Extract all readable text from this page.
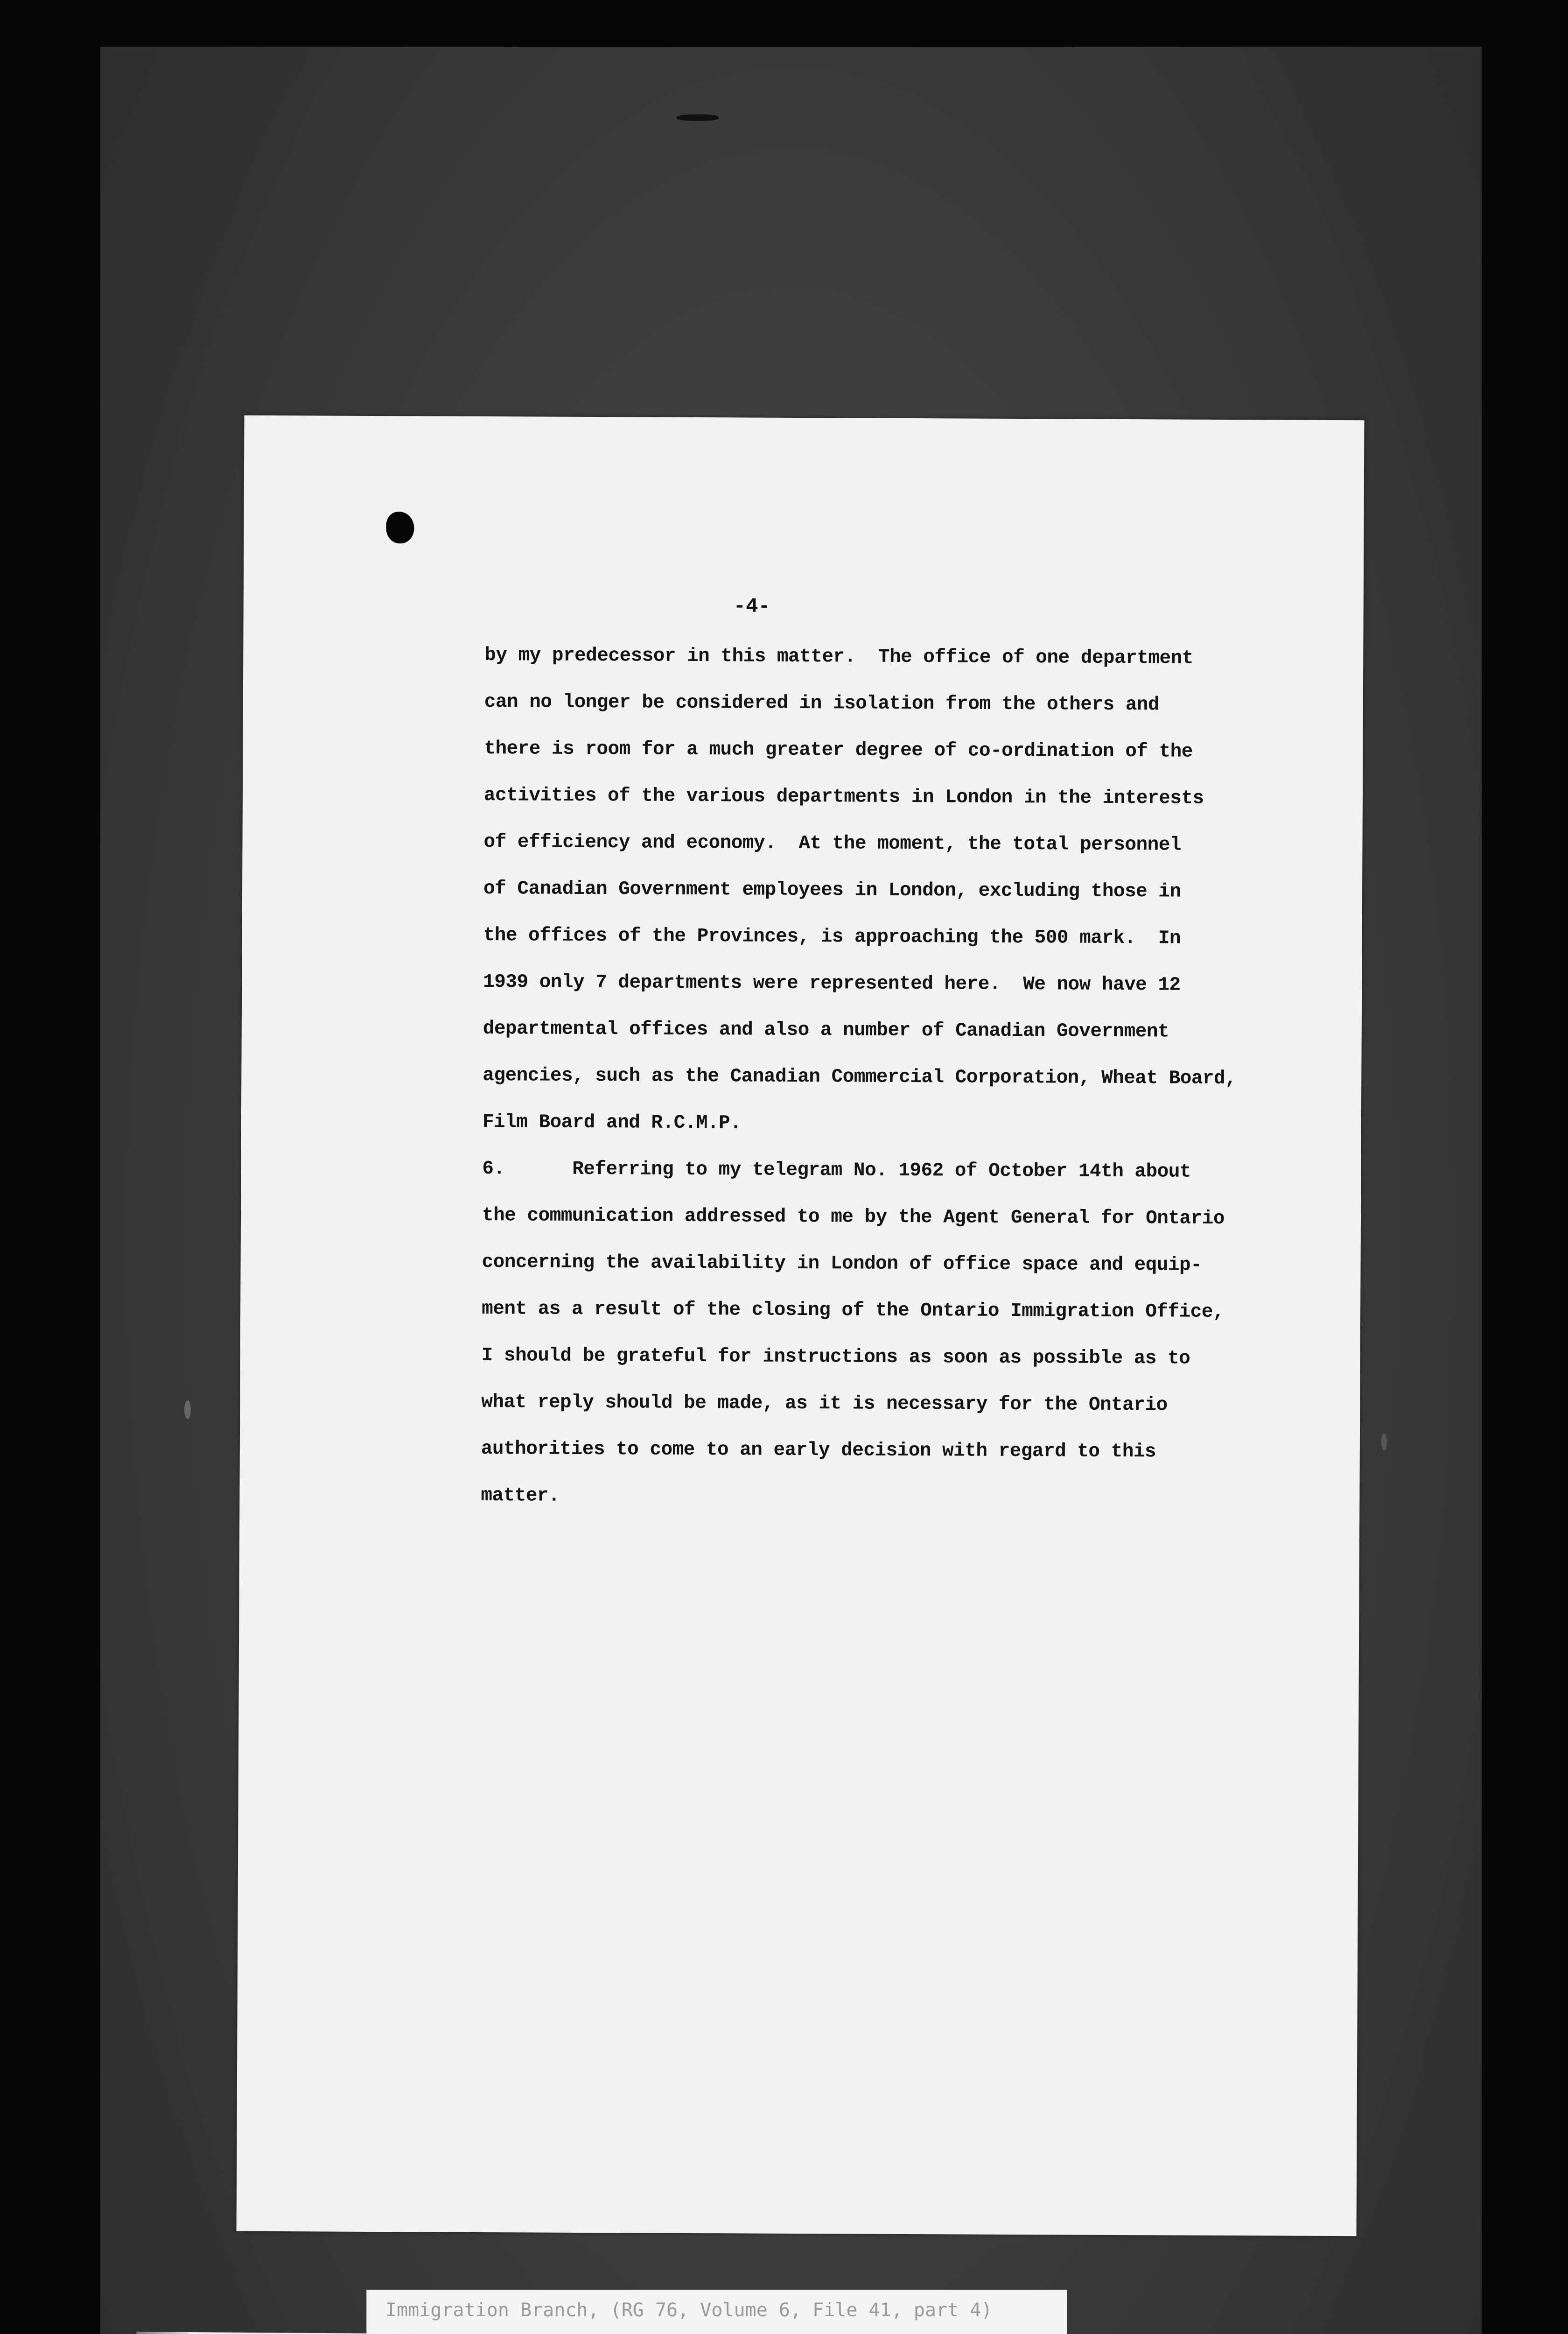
-4-
by my predecessor in this matter.  The office of one department
can no longer be considered in isolation from the others and
there is room for a much greater degree of co-ordination of the
activities of the various departments in London in the interests
of efficiency and economy.  At the moment, the total personnel
of Canadian Government employees in London, excluding those in
the offices of the Provinces, is approaching the 500 mark.  In
1939 only 7 departments were represented here.  We now have 12
departmental offices and also a number of Canadian Government
agencies, such as the Canadian Commercial Corporation, Wheat Board,
Film Board and R.C.M.P.
6.      Referring to my telegram No. 1962 of October 14th about
the communication addressed to me by the Agent General for Ontario
concerning the availability in London of office space and equip-
ment as a result of the closing of the Ontario Immigration Office,
I should be grateful for instructions as soon as possible as to
what reply should be made, as it is necessary for the Ontario
authorities to come to an early decision with regard to this
matter.
Immigration Branch, (RG 76, Volume 6, File 41, part 4)
